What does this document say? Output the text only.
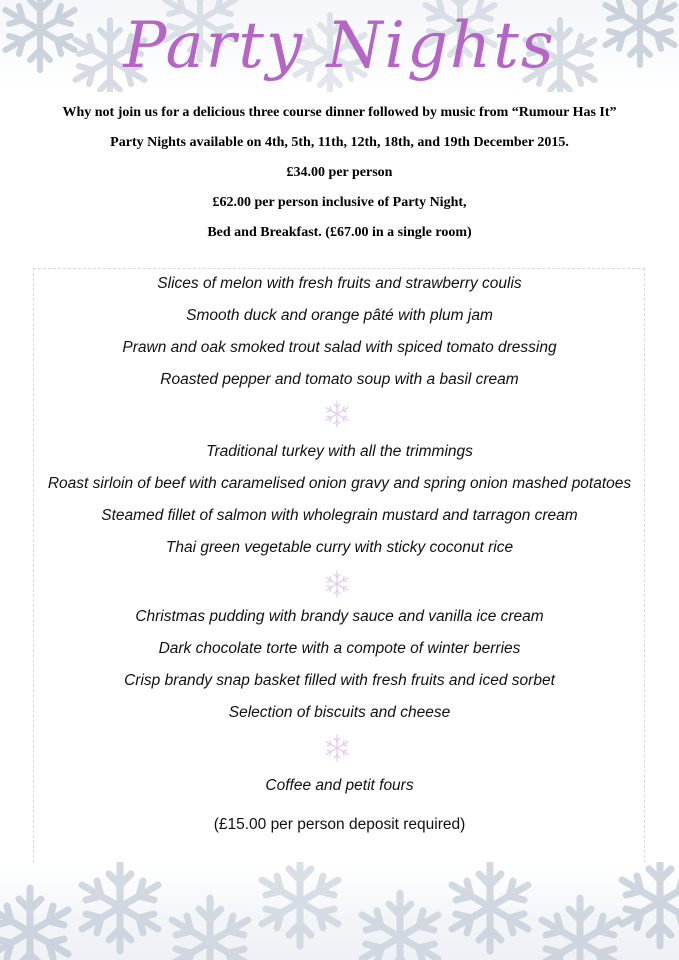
Party Nights
Why not join us for a delicious three course dinner followed by music from “Rumour Has It”
Party Nights available on 4th, 5th, 11th, 12th, 18th, and 19th December 2015.
£34.00 per person
£62.00 per person inclusive of Party Night,
Bed and Breakfast. (£67.00 in a single room)
Slices of melon with fresh fruits and strawberry coulis
Smooth duck and orange pâté with plum jam
Prawn and oak smoked trout salad with spiced tomato dressing
Roasted pepper and tomato soup with a basil cream
Traditional turkey with all the trimmings
Roast sirloin of beef with caramelised onion gravy and spring onion mashed potatoes
Steamed fillet of salmon with wholegrain mustard and tarragon cream
Thai green vegetable curry with sticky coconut rice
Christmas pudding with brandy sauce and vanilla ice cream
Dark chocolate torte with a compote of winter berries
Crisp brandy snap basket filled with fresh fruits and iced sorbet
Selection of biscuits and cheese
Coffee and petit fours
(£15.00 per person deposit required)
